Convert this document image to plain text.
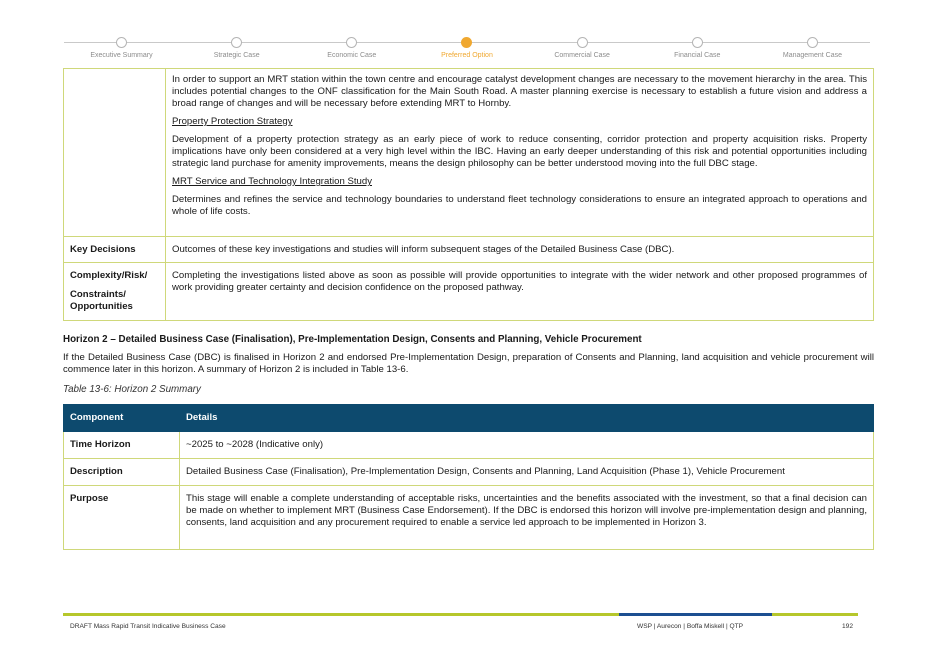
Executive Summary	Strategic Case	Economic Case	Preferred Option	Commercial Case	Financial Case	Management Case

	In order to support an MRT station within the town centre and encourage catalyst development changes are necessary to the movement hierarchy in the area. This includes potential changes to the ONF classification for the Main South Road. A master planning exercise is necessary to establish a future vision and address a broad range of changes and will be necessary before extending MRT to Hornby.

Property Protection Strategy

Development of a property protection strategy as an early piece of work to reduce consenting, corridor protection and property acquisition risks. Property implications have only been considered at a very high level within the IBC. Having an early deeper understanding of this risk and potential opportunities including strategic land purchase for amenity improvements, means the design philosophy can be better understood moving into the full DBC stage.

MRT Service and Technology Integration Study

Determines and refines the service and technology boundaries to understand fleet technology considerations to ensure an integrated approach to operations and whole of life costs.

Key Decisions	Outcomes of these key investigations and studies will inform subsequent stages of the Detailed Business Case (DBC).

Complexity/Risk/
Constraints/ Opportunities	Completing the investigations listed above as soon as possible will provide opportunities to integrate with the wider network and other proposed programmes of work providing greater certainty and decision confidence on the proposed pathway.

Horizon 2 – Detailed Business Case (Finalisation), Pre-Implementation Design, Consents and Planning, Vehicle Procurement
If the Detailed Business Case (DBC) is finalised in Horizon 2 and endorsed Pre-Implementation Design, preparation of Consents and Planning, land acquisition and vehicle procurement will commence later in this horizon. A summary of Horizon 2 is included in Table 13-6.
Table 13-6: Horizon 2 Summary
Component	Details
Time Horizon	~2025 to ~2028 (Indicative only)
Description	Detailed Business Case (Finalisation), Pre-Implementation Design, Consents and Planning, Land Acquisition (Phase 1), Vehicle Procurement
Purpose	This stage will enable a complete understanding of acceptable risks, uncertainties and the benefits associated with the investment, so that a final decision can be made on whether to implement MRT (Business Case Endorsement). If the DBC is endorsed this horizon will involve pre-implementation design and planning, consents, land acquisition and any procurement required to enable a service led approach to be implemented in Horizon 3.

DRAFT Mass Rapid Transit Indicative Business Case	WSP | Aurecon | Boffa Miskell | QTP	192
